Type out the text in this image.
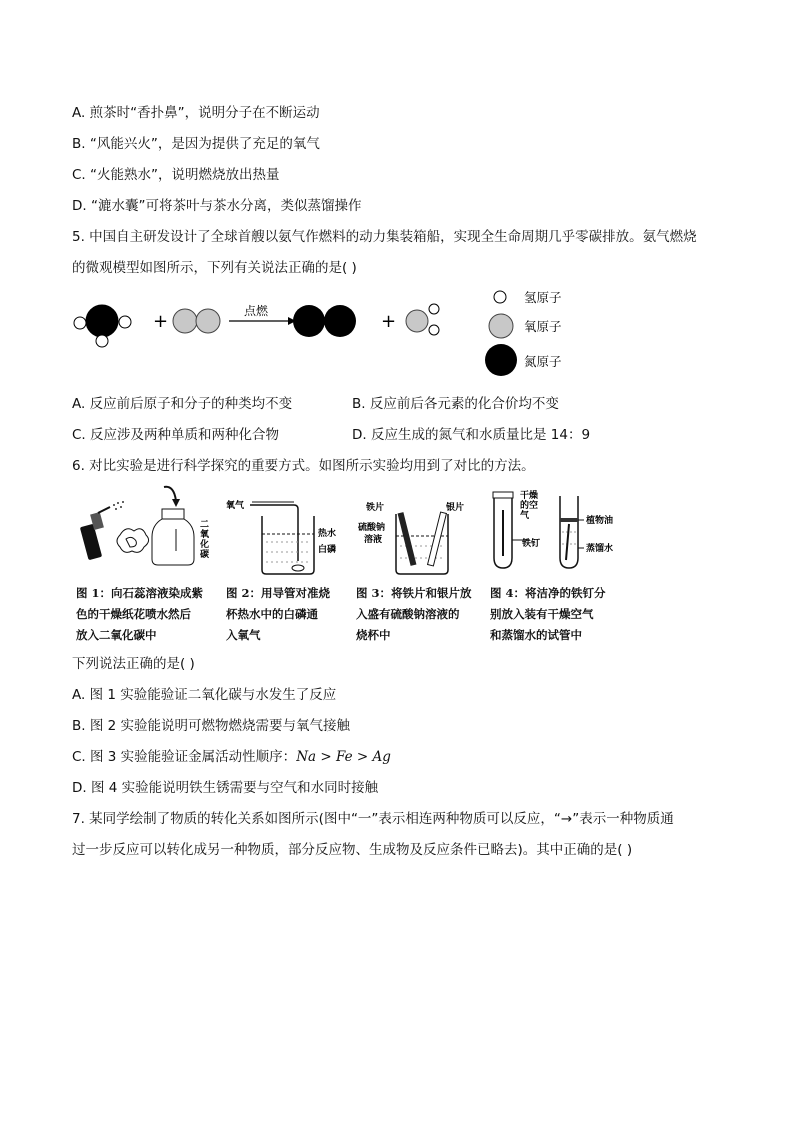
A. 煎茶时“香扑鼻”，说明分子在不断运动
B. “风能兴火”，是因为提供了充足的氧气
C. “火能熟水”，说明燃烧放出热量
D. “漉水囊”可将茶叶与茶水分离，类似蒸馏操作
5. 中国自主研发设计了全球首艘以氨气作燃料的动力集装箱船，实现全生命周期几乎零碳排放。氨气燃烧
的微观模型如图所示，下列有关说法正确的是( )
+	点燃	+
氢原子
氧原子
氮原子
A. 反应前后原子和分子的种类均不变	B. 反应前后各元素的化合价均不变
C. 反应涉及两种单质和两种化合物	D. 反应生成的氮气和水质量比是 14：9
6. 对比实验是进行科学探究的重要方式。如图所示实验均用到了对比的方法。
二
氧
化
碳
氧气
热水
白磷
铁片	银片
硫酸钠
溶液
干燥
的空
气
铁钉
植物油
蒸馏水
图 1：向石蕊溶液染成紫
色的干燥纸花喷水然后
放入二氧化碳中
图 2：用导管对准烧
杯热水中的白磷通
入氧气
图 3：将铁片和银片放
入盛有硫酸钠溶液的
烧杯中
图 4：将洁净的铁钉分
别放入装有干燥空气
和蒸馏水的试管中
下列说法正确的是( )
A. 图 1 实验能验证二氧化碳与水发生了反应
B. 图 2 实验能说明可燃物燃烧需要与氧气接触
C. 图 3 实验能验证金属活动性顺序：Na > Fe > Ag
D. 图 4 实验能说明铁生锈需要与空气和水同时接触
7. 某同学绘制了物质的转化关系如图所示(图中“一”表示相连两种物质可以反应，“→”表示一种物质通
过一步反应可以转化成另一种物质，部分反应物、生成物及反应条件已略去)。其中正确的是( )
